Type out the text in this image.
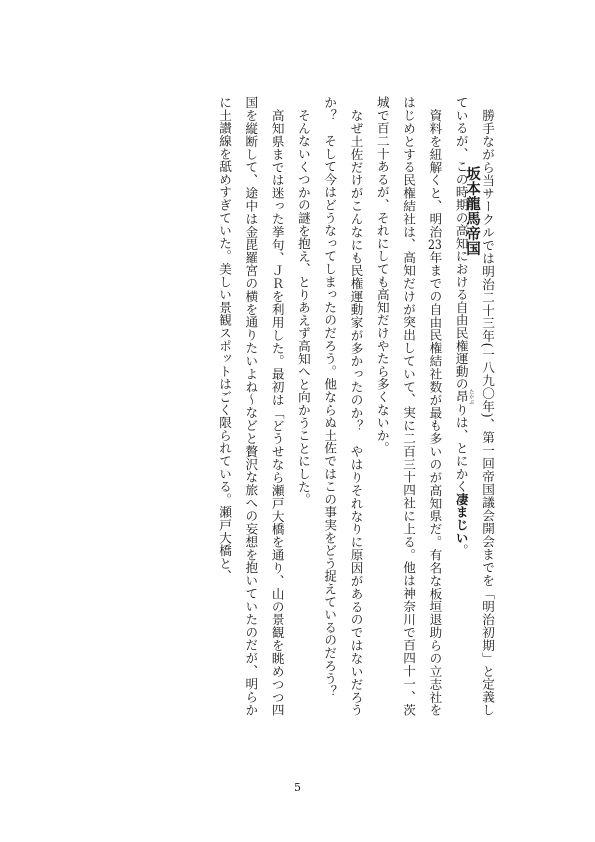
坂本龍馬帝国 勝手ながら当サークルでは明治二十三年(一八九〇年)、第一回帝国議会開会までを「明治初期」と定義しているが、この時期の高知における自由民権運動の昂 たかぶりは、とにかく凄まじい。

資料を紐解くと、明治23年までの自由民権結社数が最も多いのが高知県だ。有名な板垣退助らの立志社をはじめとする民権結社は、高知だけが突出していて、実に二百三十四社に上る。他は神奈川で百四十一、茨城で百二十あるが、それにしても高知だけやたら多くないか。

なぜ土佐だけがこんなにも民権運動家が多かったのか？　やはりそれなりに原因があるのではないだろうか？　そして今はどうなってしまったのだろう。他ならぬ土佐ではこの事実をどう捉えているのだろう？

そんないくつかの謎を抱え、とりあえず高知へと向かうことにした。

高知県までは迷った挙句、ＪＲを利用した。最初は「どうせなら瀬戸大橋を通り、山の景観を眺めつつ四国を縦断して、途中は金毘羅宮の横を通りたいよね～などと贅沢な旅への妄想を抱いていたのだが、明らかに土讃線を舐めすぎていた。美しい景観スポットはごく限られている。瀬戸大橋と、

5
